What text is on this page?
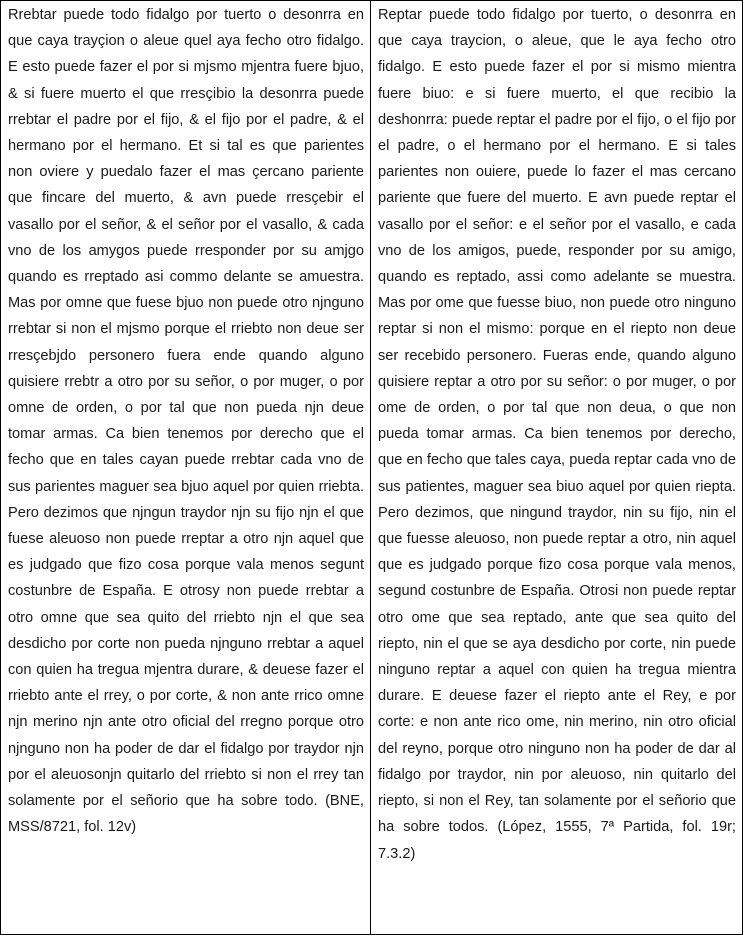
Rrebtar puede todo fidalgo por tuerto o desonrra en que caya trayçion o aleue quel aya fecho otro fidalgo. E esto puede fazer el por si mjsmo mjentra fuere bjuo, & si fuere muerto el que rresçibio la desonrra puede rrebtar el padre por el fijo, & el fijo por el padre, & el hermano por el hermano. Et si tal es que parientes non oviere y puedalo fazer el mas çercano pariente que fincare del muerto, & avn puede rresçebir el vasallo por el señor, & el señor por el vasallo, & cada vno de los amygos puede rresponder por su amjgo quando es rreptado asi commo delante se amuestra. Mas por omne que fuese bjuo non puede otro njnguno rrebtar si non el mjsmo porque el rriebto non deue ser rresçebjdo personero fuera ende quando alguno quisiere rrebtr a otro por su señor, o por muger, o por omne de orden, o por tal que non pueda njn deue tomar armas. Ca bien tenemos por derecho que el fecho que en tales cayan puede rrebtar cada vno de sus parientes maguer sea bjuo aquel por quien rriebta. Pero dezimos que njngun traydor njn su fijo njn el que fuese aleuoso non puede rreptar a otro njn aquel que es judgado que fizo cosa porque vala menos segunt costunbre de España. E otrosy non puede rrebtar a otro omne que sea quito del rriebto njn el que sea desdicho por corte non pueda njnguno rrebtar a aquel con quien ha tregua mjentra durare, & deuese fazer el rriebto ante el rrey, o por corte, & non ante rrico omne njn merino njn ante otro oficial del rregno porque otro njnguno non ha poder de dar el fidalgo por traydor njn por el aleuosonjn quitarlo del rriebto si non el rrey tan solamente por el señorio que ha sobre todo. (BNE, MSS/8721, fol. 12v)

Reptar puede todo fidalgo por tuerto, o desonrra en que caya traycion, o aleue, que le aya fecho otro fidalgo. E esto puede fazer el por si mismo mientra fuere biuo: e si fuere muerto, el que recibio la deshonrra: puede reptar el padre por el fijo, o el fijo por el padre, o el hermano por el hermano. E si tales parientes non ouiere, puede lo fazer el mas cercano pariente que fuere del muerto. E avn puede reptar el vasallo por el señor: e el señor por el vasallo, e cada vno de los amigos, puede, responder por su amigo, quando es reptado, assi como adelante se muestra. Mas por ome que fuesse biuo, non puede otro ninguno reptar si non el mismo: porque en el riepto non deue ser recebido personero. Fueras ende, quando alguno quisiere reptar a otro por su señor: o por muger, o por ome de orden, o por tal que non deua, o que non pueda tomar armas. Ca bien tenemos por derecho, que en fecho que tales caya, pueda reptar cada vno de sus patientes, maguer sea biuo aquel por quien riepta. Pero dezimos, que ningund traydor, nin su fijo, nin el que fuesse aleuoso, non puede reptar a otro, nin aquel que es judgado porque fizo cosa porque vala menos, segund costunbre de España. Otrosi non puede reptar otro ome que sea reptado, ante que sea quito del riepto, nin el que se aya desdicho por corte, nin puede ninguno reptar a aquel con quien ha tregua mientra durare. E deuese fazer el riepto ante el Rey, e por corte: e non ante rico ome, nin merino, nin otro oficial del reyno, porque otro ninguno non ha poder de dar al fidalgo por traydor, nin por aleuoso, nin quitarlo del riepto, si non el Rey, tan solamente por el señorio que ha sobre todos. (López, 1555, 7ª Partida, fol. 19r; 7.3.2)
